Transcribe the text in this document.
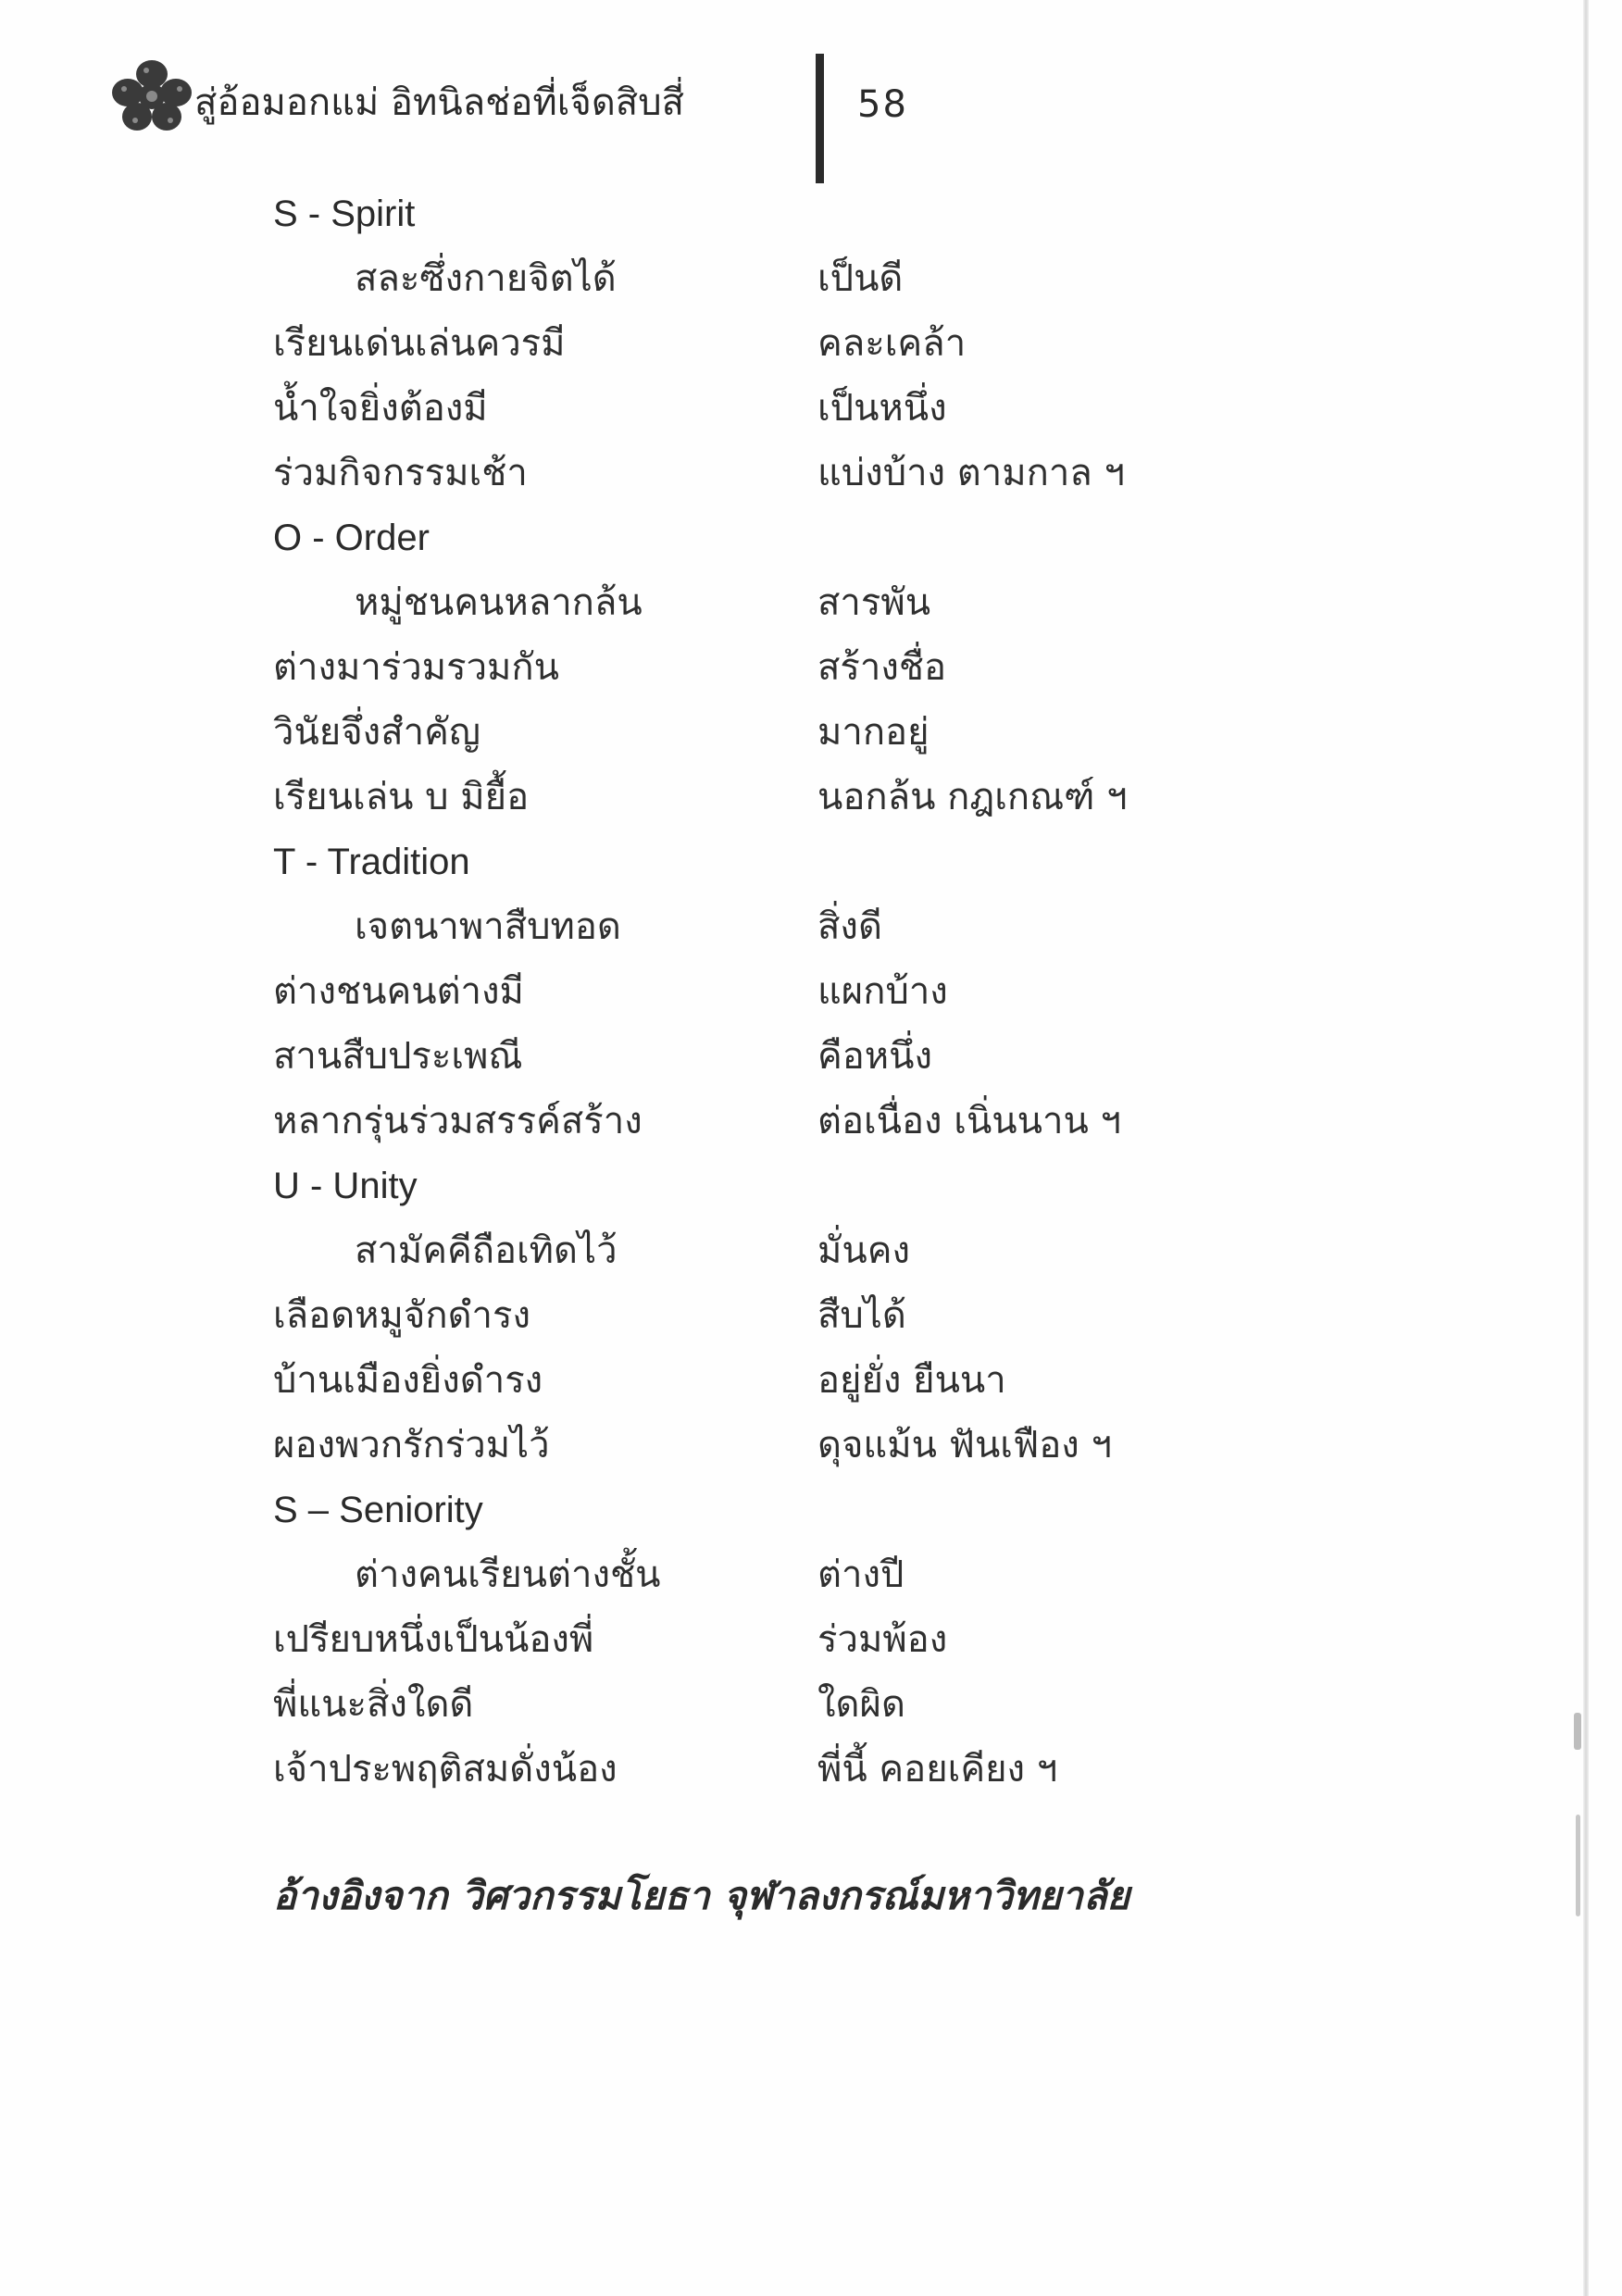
สู่อ้อมอกแม่ อิทนิลช่อที่เจ็ดสิบสี่	58
S - Spirit
สละซึ่งกายจิตได้	เป็นดี
เรียนเด่นเล่นควรมี	คละเคล้า
น้ำใจยิ่งต้องมี	เป็นหนึ่ง
ร่วมกิจกรรมเช้า	แบ่งบ้าง ตามกาล ฯ
O - Order
หมู่ชนคนหลากล้น	สารพัน
ต่างมาร่วมรวมกัน	สร้างชื่อ
วินัยจึ่งสำคัญ	มากอยู่
เรียนเล่น บ มิยื้อ	นอกล้น กฎเกณฑ์ ฯ
T - Tradition
เจตนาพาสืบทอด	สิ่งดี
ต่างชนคนต่างมี	แผกบ้าง
สานสืบประเพณี	คือหนึ่ง
หลากรุ่นร่วมสรรค์สร้าง	ต่อเนื่อง เนิ่นนาน ฯ
U - Unity
สามัคคีถือเทิดไว้	มั่นคง
เลือดหมูจักดำรง	สืบได้
บ้านเมืองยิ่งดำรง	อยู่ยั่ง ยืนนา
ผองพวกรักร่วมไว้	ดุจแม้น ฟันเฟือง ฯ
S – Seniority
ต่างคนเรียนต่างชั้น	ต่างปี
เปรียบหนึ่งเป็นน้องพี่	ร่วมพ้อง
พี่แนะสิ่งใดดี	ใดผิด
เจ้าประพฤติสมดั่งน้อง	พี่นี้ คอยเคียง ฯ
อ้างอิงจาก วิศวกรรมโยธา จุฬาลงกรณ์มหาวิทยาลัย
